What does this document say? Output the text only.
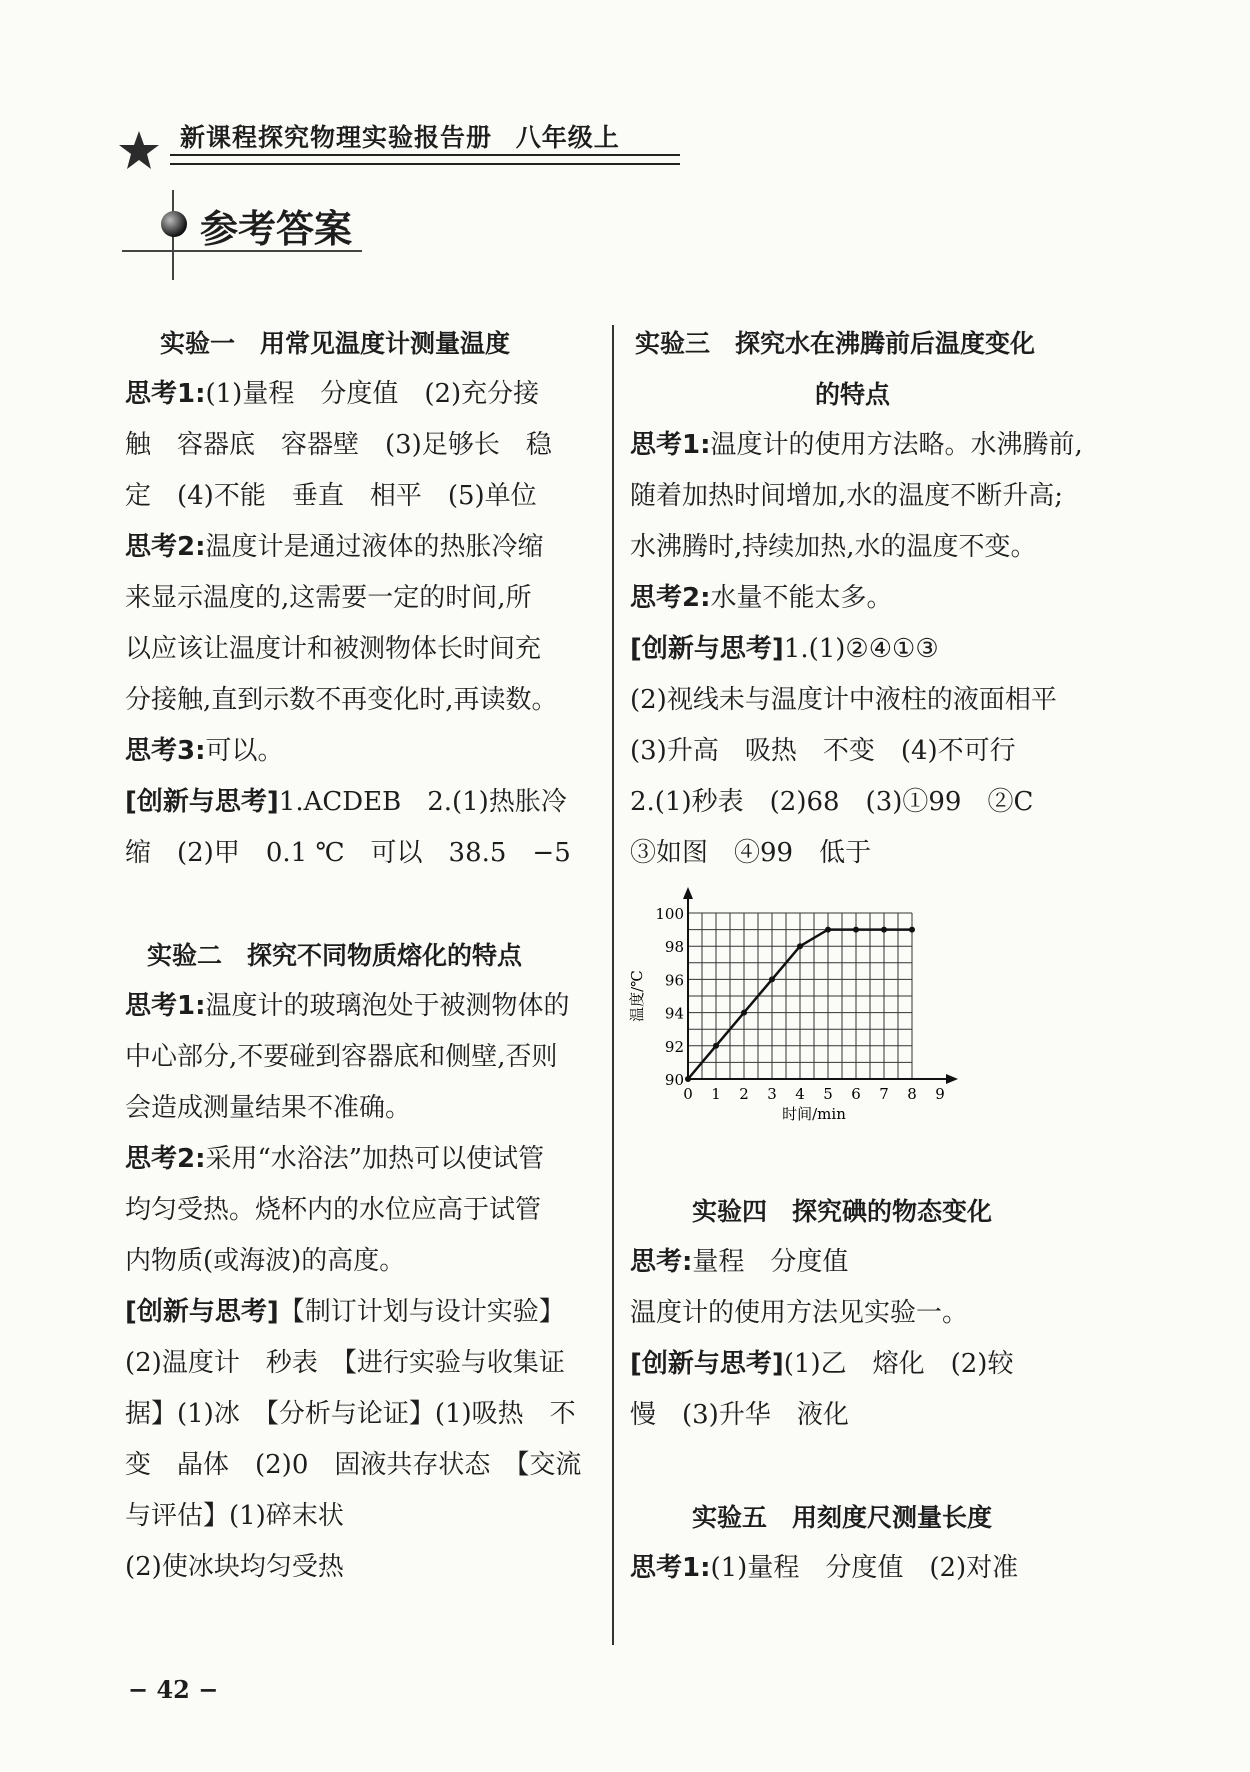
新课程探究物理实验报告册 八年级上
参考答案

实验一　用常见温度计测量温度

思考1:(1)量程　分度值　(2)充分接

触　容器底　容器壁　(3)足够长　稳

定　(4)不能　垂直　相平　(5)单位

思考2:温度计是通过液体的热胀冷缩

来显示温度的,这需要一定的时间,所

以应该让温度计和被测物体长时间充

分接触,直到示数不再变化时,再读数。

思考3:可以。

[创新与思考]1.ACDEB　2.(1)热胀冷

缩　(2)甲　0.1 ℃　可以　38.5　−5

实验二　探究不同物质熔化的特点

思考1:温度计的玻璃泡处于被测物体的

中心部分,不要碰到容器底和侧壁,否则

会造成测量结果不准确。

思考2:采用“水浴法”加热可以使试管

均匀受热。烧杯内的水位应高于试管

内物质(或海波)的高度。

[创新与思考]【制订计划与设计实验】

(2)温度计　秒表　【进行实验与收集证

据】(1)冰　【分析与论证】(1)吸热　不

变　晶体　(2)0　固液共存状态　【交流

与评估】(1)碎末状

(2)使冰块均匀受热

实验三　探究水在沸腾前后温度变化

的特点

思考1:温度计的使用方法略。水沸腾前,

随着加热时间增加,水的温度不断升高;

水沸腾时,持续加热,水的温度不变。

思考2:水量不能太多。

[创新与思考]1.(1)②④①③

(2)视线未与温度计中液柱的液面相平

(3)升高　吸热　不变　(4)不可行

2.(1)秒表　(2)68　(3)①99　②C

③如图　④99　低于

0 1 2 3 4 5 6 7 8 9
90
92
94
96
98
100
时间/min
温度/℃

实验四　探究碘的物态变化

思考:量程　分度值

温度计的使用方法见实验一。

[创新与思考](1)乙　熔化　(2)较

慢　(3)升华　液化

实验五　用刻度尺测量长度

思考1:(1)量程　分度值　(2)对准

− 42 −
